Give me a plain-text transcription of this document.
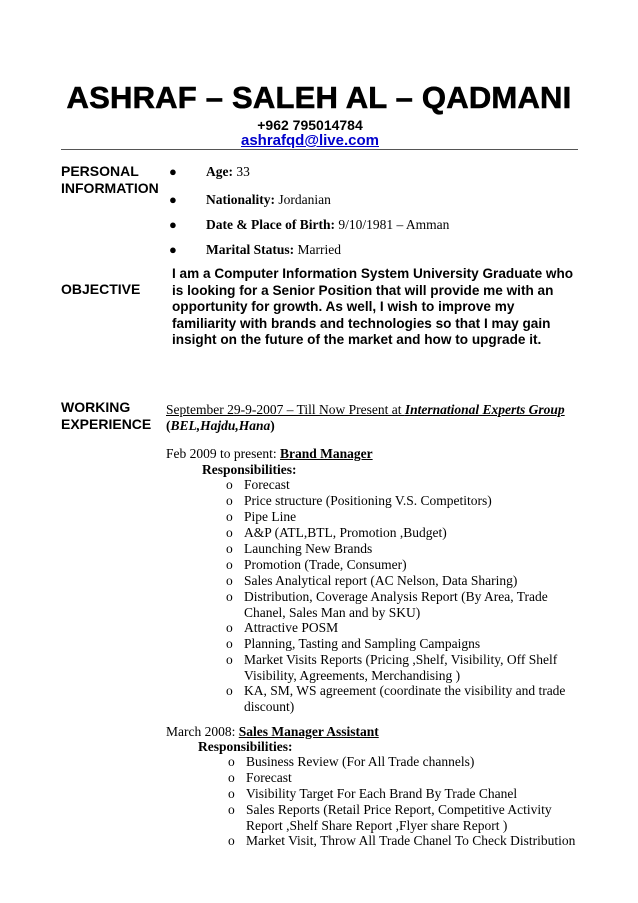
ASHRAF – SALEH AL – QADMANI
+962 795014784
ashrafqd@live.com
PERSONAL INFORMATION
● Age: 33
● Nationality: Jordanian
● Date & Place of Birth: 9/10/1981 – Amman
● Marital Status: Married
OBJECTIVE
I am a Computer Information System University Graduate who is looking for a Senior Position that will provide me with an opportunity for growth. As well, I wish to improve my familiarity with brands and technologies so that I may gain insight on the future of the market and how to upgrade it.
WORKING EXPERIENCE
September 29-9-2007 – Till Now Present at International Experts Group
(BEL,Hajdu,Hana)
Feb 2009 to present: Brand Manager
Responsibilities:
o Forecast
o Price structure (Positioning V.S. Competitors)
o Pipe Line
o A&P (ATL,BTL, Promotion ,Budget)
o Launching New Brands
o Promotion (Trade, Consumer)
o Sales Analytical report (AC Nelson, Data Sharing)
o Distribution, Coverage Analysis Report (By Area, Trade Chanel, Sales Man and by SKU)
o Attractive POSM
o Planning, Tasting and Sampling Campaigns
o Market Visits Reports (Pricing ,Shelf, Visibility, Off Shelf Visibility, Agreements, Merchandising )
o KA, SM, WS agreement (coordinate the visibility and trade discount)
March 2008: Sales Manager Assistant
Responsibilities:
o Business Review (For All Trade channels)
o Forecast
o Visibility Target For Each Brand By Trade Chanel
o Sales Reports (Retail Price Report, Competitive Activity Report ,Shelf Share Report ,Flyer share Report )
o Market Visit, Throw All Trade Chanel To Check Distribution
